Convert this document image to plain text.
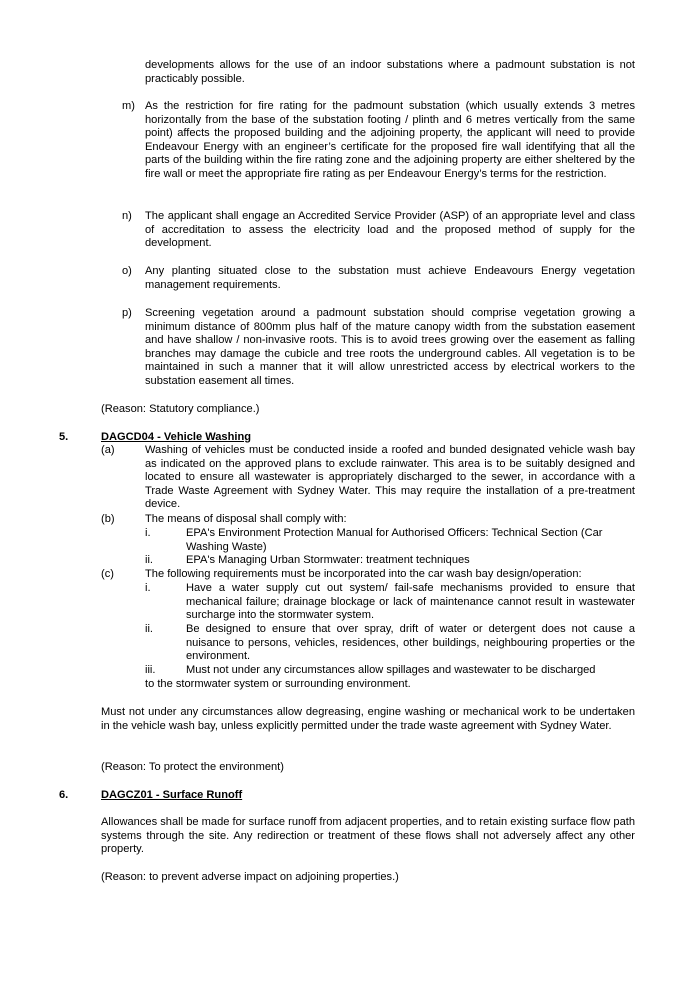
developments allows for the use of an indoor substations where a padmount substation is not practicably possible.
m) As the restriction for fire rating for the padmount substation (which usually extends 3 metres horizontally from the base of the substation footing / plinth and 6 metres vertically from the same point) affects the proposed building and the adjoining property, the applicant will need to provide Endeavour Energy with an engineer’s certificate for the proposed fire wall identifying that all the parts of the building within the fire rating zone and the adjoining property are either sheltered by the fire wall or meet the appropriate fire rating as per Endeavour Energy’s terms for the restriction.
n) The applicant shall engage an Accredited Service Provider (ASP) of an appropriate level and class of accreditation to assess the electricity load and the proposed method of supply for the development.
o) Any planting situated close to the substation must achieve Endeavours Energy vegetation management requirements.
p) Screening vegetation around a padmount substation should comprise vegetation growing a minimum distance of 800mm plus half of the mature canopy width from the substation easement and have shallow / non-invasive roots. This is to avoid trees growing over the easement as falling branches may damage the cubicle and tree roots the underground cables. All vegetation is to be maintained in such a manner that it will allow unrestricted access by electrical workers to the substation easement all times.
(Reason: Statutory compliance.)
5.	DAGCD04 - Vehicle Washing
(a)	Washing of vehicles must be conducted inside a roofed and bunded designated vehicle wash bay as indicated on the approved plans to exclude rainwater. This area is to be suitably designed and located to ensure all wastewater is appropriately discharged to the sewer, in accordance with a Trade Waste Agreement with Sydney Water. This may require the installation of a pre-treatment device.
(b)	The means of disposal shall comply with:
i.	EPA's Environment Protection Manual for Authorised Officers: Technical Section (Car Washing Waste)
ii.	EPA's Managing Urban Stormwater: treatment techniques
(c)	The following requirements must be incorporated into the car wash bay design/operation:
i.	Have a water supply cut out system/ fail-safe mechanisms provided to ensure that mechanical failure; drainage blockage or lack of maintenance cannot result in wastewater surcharge into the stormwater system.
ii.	Be designed to ensure that over spray, drift of water or detergent does not cause a nuisance to persons, vehicles, residences, other buildings, neighbouring properties or the environment.
iii.	Must not under any circumstances allow spillages and wastewater to be discharged
to the stormwater system or surrounding environment.
Must not under any circumstances allow degreasing, engine washing or mechanical work to be undertaken in the vehicle wash bay, unless explicitly permitted under the trade waste agreement with Sydney Water.
(Reason: To protect the environment)
6.	DAGCZ01 - Surface Runoff
Allowances shall be made for surface runoff from adjacent properties, and to retain existing surface flow path systems through the site. Any redirection or treatment of these flows shall not adversely affect any other property.
(Reason: to prevent adverse impact on adjoining properties.)
